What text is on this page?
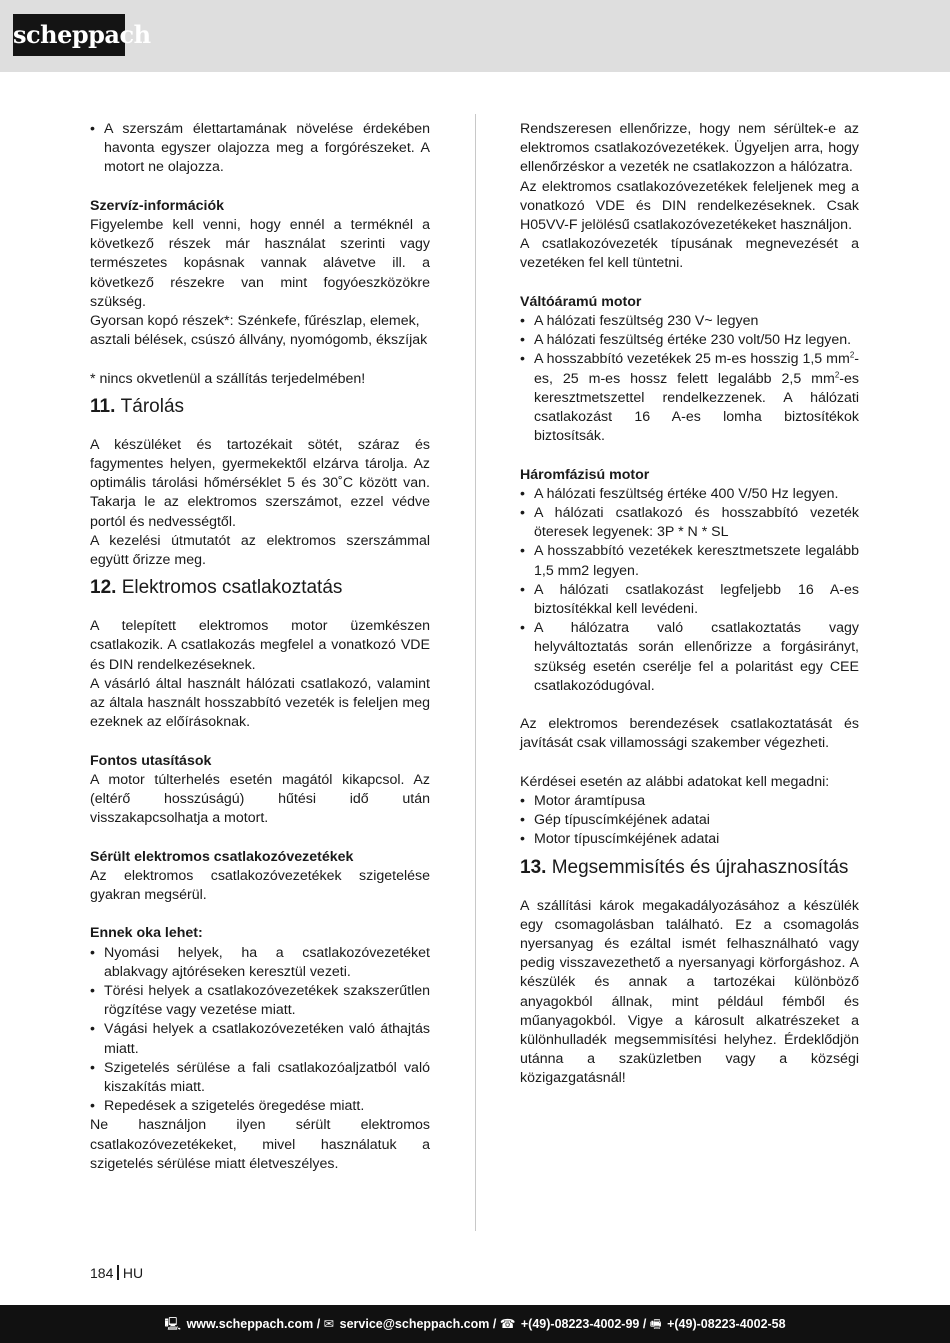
scheppach
• A szerszám élettartamának növelése érdekében havonta egyszer olajozza meg a forgórészeket. A motort ne olajozza.

Szervíz-információk

Figyelembe kell venni, hogy ennél a terméknél a következő részek már használat szerinti vagy természetes kopásnak vannak alávetve ill. a következő részekre van mint fogyóeszközökre szükség.

Gyorsan kopó részek*: Szénkefe, fűrészlap, elemek, asztali bélések, csúszó állvány, nyomógomb, ékszíjak

* nincs okvetlenül a szállítás terjedelmében!

11. Tárolás

A készüléket és tartozékait sötét, száraz és fagymentes helyen, gyermekektől elzárva tárolja. Az optimális tárolási hőmérséklet 5 és 30˚C között van. Takarja le az elektromos szerszámot, ezzel védve portól és nedvességtől.

A kezelési útmutatót az elektromos szerszámmal együtt őrizze meg.

12. Elektromos csatlakoztatás

A telepített elektromos motor üzemkészen csatlakozik. A csatlakozás megfelel a vonatkozó VDE és DIN rendelkezéseknek.

A vásárló által használt hálózati csatlakozó, valamint az általa használt hosszabbító vezeték is feleljen meg ezeknek az előírásoknak.

Fontos utasítások

A motor túlterhelés esetén magától kikapcsol. Az (eltérő hosszúságú) hűtési idő után visszakapcsolhatja a motort.

Sérült elektromos csatlakozóvezetékek

Az elektromos csatlakozóvezetékek szigetelése gyakran megsérül.

Ennek oka lehet:

• Nyomási helyek, ha a csatlakozóvezetéket ablakvagy ajtóréseken keresztül vezeti.
• Törési helyek a csatlakozóvezetékek szakszerűtlen rögzítése vagy vezetése miatt.
• Vágási helyek a csatlakozóvezetéken való áthajtás miatt.
• Szigetelés sérülése a fali csatlakozóaljzatból való kiszakítás miatt.
• Repedések a szigetelés öregedése miatt.

Ne használjon ilyen sérült elektromos csatlakozóvezetékeket, mivel használatuk a szigetelés sérülése miatt életveszélyes.

Rendszeresen ellenőrizze, hogy nem sérültek-e az elektromos csatlakozóvezetékek. Ügyeljen arra, hogy ellenőrzéskor a vezeték ne csatlakozzon a hálózatra.

Az elektromos csatlakozóvezetékek feleljenek meg a vonatkozó VDE és DIN rendelkezéseknek. Csak H05VV-F jelölésű csatlakozóvezetékeket használjon.

A csatlakozóvezeték típusának megnevezését a vezetéken fel kell tüntetni.

Váltóáramú motor

• A hálózati feszültség 230 V~ legyen
• A hálózati feszültség értéke 230 volt/50 Hz legyen.
• A hosszabbító vezetékek 25 m-es hosszig 1,5 $mm^2-es$, 25 m-es hossz felett legalább 2,5 $mm^2-es$ keresztmetszettel rendelkezzenek. A hálózati csatlakozást 16 A-es lomha biztosítékok biztosítsák.

Háromfázisú motor

• A hálózati feszültség értéke 400 V/50 Hz legyen.
• A hálózati csatlakozó és hosszabbító vezeték öteresek legyenek: 3P * N * SL
• A hosszabbító vezetékek keresztmetszete legalább 1,5 mm2 legyen.
• A hálózati csatlakozást legfeljebb 16 A-es biztosítékkal kell levédeni.
• A hálózatra való csatlakoztatás vagy helyváltoztatás során ellenőrizze a forgásirányt, szükség esetén cserélje fel a polaritást egy CEE csatlakozódugóval.

Az elektromos berendezések csatlakoztatását és javítását csak villamossági szakember végezheti.

Kérdései esetén az alábbi adatokat kell megadni:

• Motor áramtípusa
• Gép típuscímkéjének adatai
• Motor típuscímkéjének adatai
13. Megsemmisítés és újrahasznosítás

A szállítási károk megakadályozásához a készülék egy csomagolásban található. Ez a csomagolás nyersanyag és ezáltal ismét felhasználható vagy pedig visszavezethető a nyersanyagi körforgáshoz. A készülék és annak a tartozékai különböző anyagokból állnak, mint például fémből és műanyagokból. Vigye a károsult alkatrészeket a különhulladék megsemmisítési helyhez. Érdeklődjön utánna a szaküzletben vagy a községi közigazgatásnál!

184 HU
🖳 www.scheppach.com / ✉ service@scheppach.com / ☎ +(49)-08223-4002-99 / 🖷 +(49)-08223-4002-58
